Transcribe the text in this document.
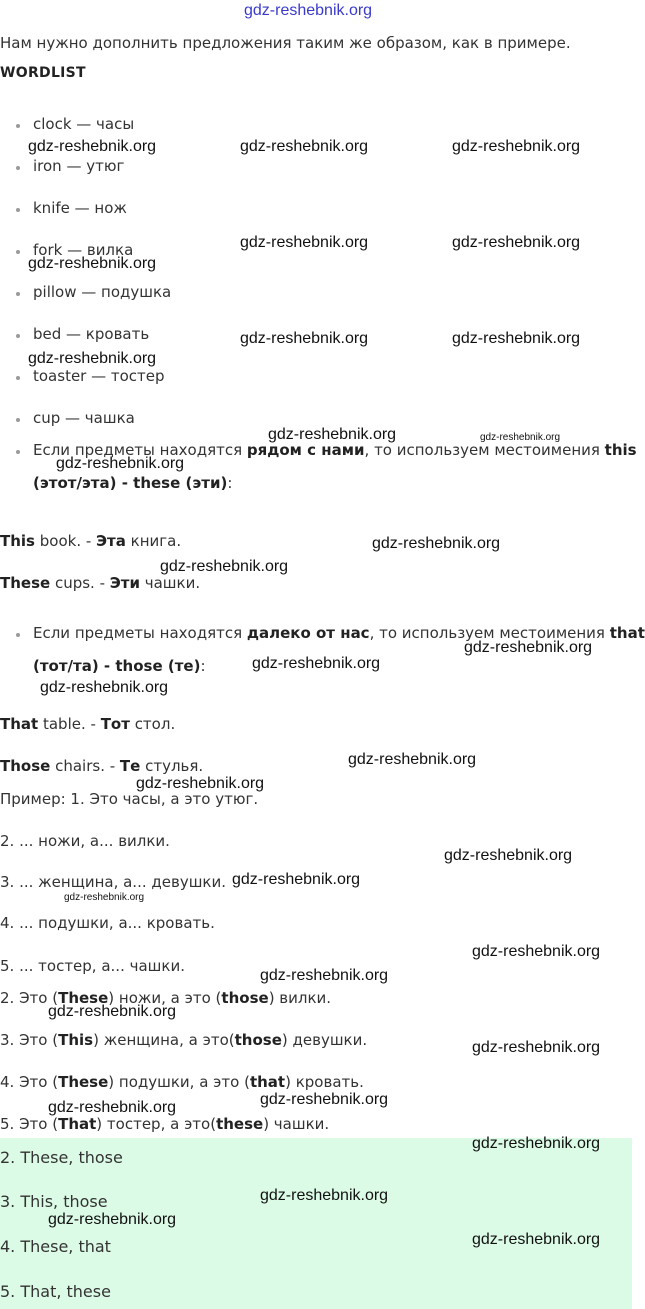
gdz-reshebnik.org
Нам нужно дополнить предложения таким же образом, как в примере.
WORDLIST
clock — часы
iron — утюг
knife — нож
fork — вилка
pillow — подушка
bed — кровать
toaster — тостер
cup — чашка
Если предметы находятся рядом с нами, то используем местоимения this
(этот/эта) - these (эти):
This book. - Эта книга.
These cups. - Эти чашки.
Если предметы находятся далеко от нас, то используем местоимения that
(тот/та) - those (те):
That table. - Тот стол.
Those chairs. - Те стулья.
Пример: 1. Это часы, а это утюг.
2. ... ножи, а... вилки.
3. ... женщина, а... девушки.
4. ... подушки, а... кровать.
5. ... тостер, а... чашки.
2. Это (These) ножи, а это (those) вилки.
3. Это (This) женщина, а это(those) девушки.
4. Это (These) подушки, а это (that) кровать.
5. Это (That) тостер, а это(these) чашки.
2. These, those
3. This, those
4. These, that
5. That, these
gdz-reshebnik.org	gdz-reshebnik.org	gdz-reshebnik.org
gdz-reshebnik.org	gdz-reshebnik.org
gdz-reshebnik.org
gdz-reshebnik.org	gdz-reshebnik.org
gdz-reshebnik.org
gdz-reshebnik.org	gdz-reshebnik.org
gdz-reshebnik.org
gdz-reshebnik.org
gdz-reshebnik.org
gdz-reshebnik.org
gdz-reshebnik.org
gdz-reshebnik.org
gdz-reshebnik.org
gdz-reshebnik.org
gdz-reshebnik.org
gdz-reshebnik.org
gdz-reshebnik.org
gdz-reshebnik.org
gdz-reshebnik.org
gdz-reshebnik.org
gdz-reshebnik.org
gdz-reshebnik.org
gdz-reshebnik.org
gdz-reshebnik.org
gdz-reshebnik.org
gdz-reshebnik.org
gdz-reshebnik.org
